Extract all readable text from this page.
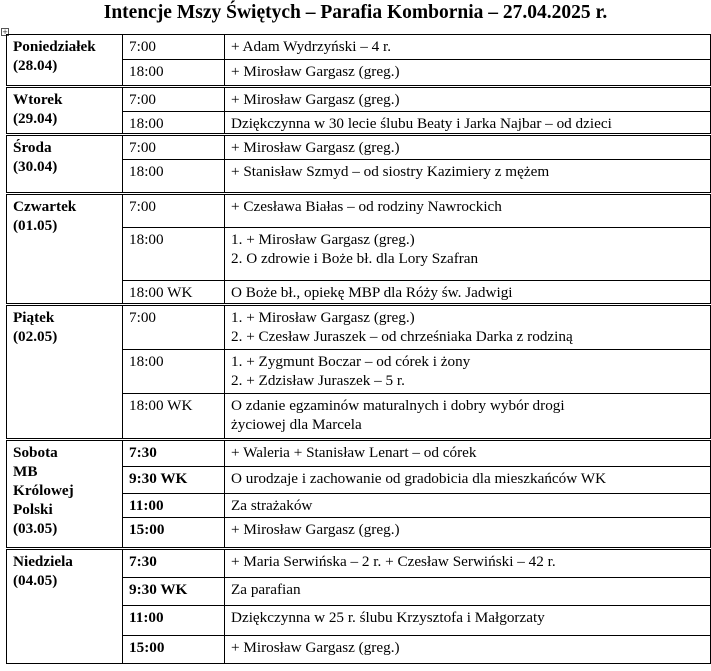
Intencje Mszy Świętych – Parafia Kombornia – 27.04.2025 r.
+
Poniedziałek
(28.04)	7:00	+ Adam Wydrzyński – 4 r.

	18:00	+ Mirosław Gargasz (greg.)

Wtorek
(29.04)	7:00	+ Mirosław Gargasz (greg.)

	18:00	Dziękczynna w 30 lecie ślubu Beaty i Jarka Najbar – od dzieci

Środa
(30.04)	7:00	+ Mirosław Gargasz (greg.)

	18:00	+ Stanisław Szmyd – od siostry Kazimiery z mężem

Czwartek
(01.05)	7:00	+ Czesława Białas – od rodziny Nawrockich

	18:00	1. + Mirosław Gargasz (greg.)
2. O zdrowie i Boże bł. dla Lory Szafran

	18:00 WK	O Boże bł., opiekę MBP dla Róży św. Jadwigi

Piątek
(02.05)	7:00	1. + Mirosław Gargasz (greg.)
2. + Czesław Juraszek – od chrześniaka Darka z rodziną

	18:00	1. + Zygmunt Boczar – od córek i żony
2. + Zdzisław Juraszek – 5 r.

	18:00 WK	O zdanie egzaminów maturalnych i dobry wybór drogi
życiowej dla Marcela

Sobota
MB
Królowej
Polski
(03.05)	7:30	+ Waleria + Stanisław Lenart – od córek

	9:30 WK	O urodzaje i zachowanie od gradobicia dla mieszkańców WK

	11:00	Za strażaków

	15:00	+ Mirosław Gargasz (greg.)

Niedziela
(04.05)	7:30	+ Maria Serwińska – 2 r. + Czesław Serwiński – 42 r.

	9:30 WK	Za parafian

	11:00	Dziękczynna w 25 r. ślubu Krzysztofa i Małgorzaty

	15:00	+ Mirosław Gargasz (greg.)
